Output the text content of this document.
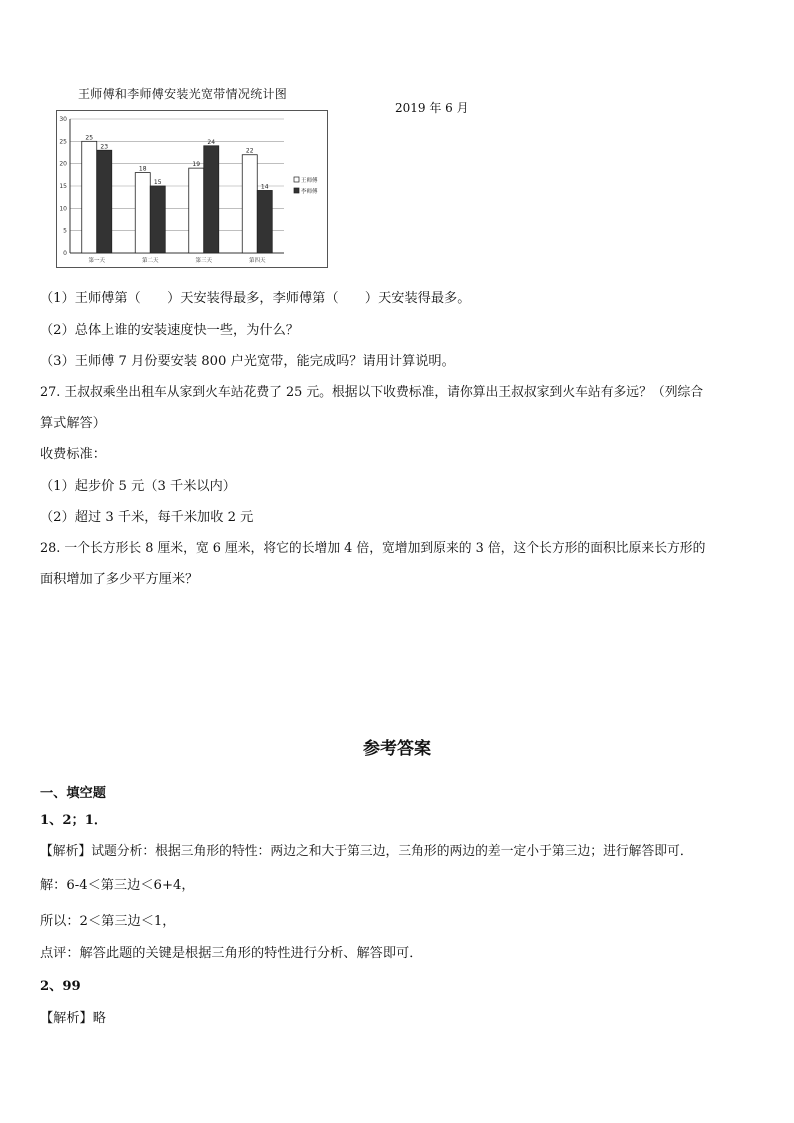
王师傅和李师傅安装光宽带情况统计图
2019 年 6 月
0
5
10
15
20
25
30
25
23
18
15
19
24
22
14
第一天	第二天	第三天	第四天
王师傅
李师傅
（1）王师傅第（　　）天安装得最多，李师傅第（　　）天安装得最多。
（2）总体上谁的安装速度快一些，为什么？
（3）王师傅 7 月份要安装 800 户光宽带，能完成吗？请用计算说明。
27. 王叔叔乘坐出租车从家到火车站花费了 25 元。根据以下收费标准，请你算出王叔叔家到火车站有多远？（列综合
算式解答）
收费标准：
（1）起步价 5 元（3 千米以内）
（2）超过 3 千米，每千米加收 2 元
28. 一个长方形长 8 厘米，宽 6 厘米，将它的长增加 4 倍，宽增加到原来的 3 倍，这个长方形的面积比原来长方形的
面积增加了多少平方厘米？
参考答案
一、填空题
1、2；1．
【解析】试题分析：根据三角形的特性：两边之和大于第三边，三角形的两边的差一定小于第三边；进行解答即可．
解：6-4＜第三边＜6+4，
所以：2＜第三边＜1，
点评：解答此题的关键是根据三角形的特性进行分析、解答即可．
2、99
【解析】略
